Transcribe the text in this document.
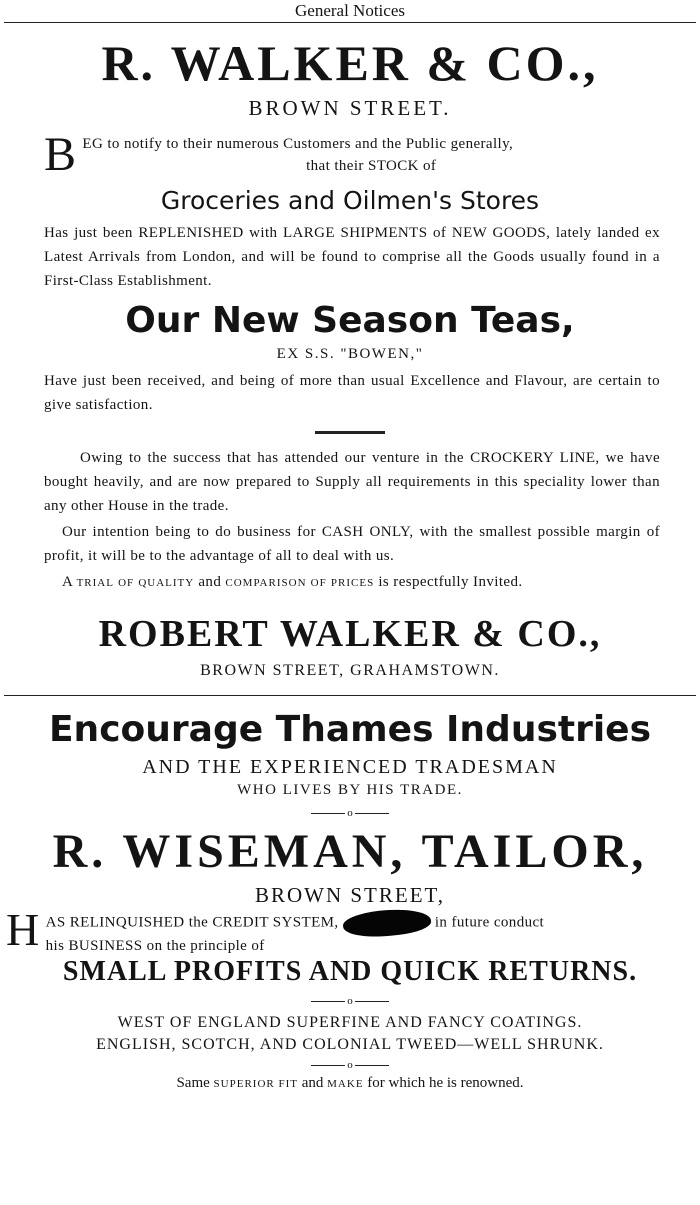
General Notices
R. WALKER & CO.,
BROWN STREET.
B EG to notify to their numerous Customers and the Public generally,
that their STOCK of
Groceries and Oilmen's Stores
Has just been REPLENISHED with LARGE SHIPMENTS of NEW GOODS, lately landed ex Latest Arrivals from London, and will be found to comprise all the Goods usually found in a First-Class Establishment.
Our New Season Teas,
EX S.S. "BOWEN,"
Have just been received, and being of more than usual Excellence and Flavour, are certain to give satisfaction.
Owing to the success that has attended our venture in the CROCKERY LINE, we have bought heavily, and are now prepared to Supply all requirements in this speciality lower than any other House in the trade.
Our intention being to do business for CASH ONLY, with the smallest possible margin of profit, it will be to the advantage of all to deal with us.
A TRIAL OF QUALITY and COMPARISON OF PRICES is respectfully Invited.
ROBERT WALKER & CO.,
BROWN STREET, GRAHAMSTOWN.
Encourage Thames Industries
AND THE EXPERIENCED TRADESMAN
WHO LIVES BY HIS TRADE.
o
R. WISEMAN, TAILOR,
BROWN STREET,
H AS RELINQUISHED the CREDIT SYSTEM,	in future conduct
his BUSINESS on the principle of
SMALL PROFITS AND QUICK RETURNS.
o
WEST OF ENGLAND SUPERFINE AND FANCY COATINGS.
ENGLISH, SCOTCH, AND COLONIAL TWEED—WELL SHRUNK.
o
Same SUPERIOR FIT and MAKE for which he is renowned.
